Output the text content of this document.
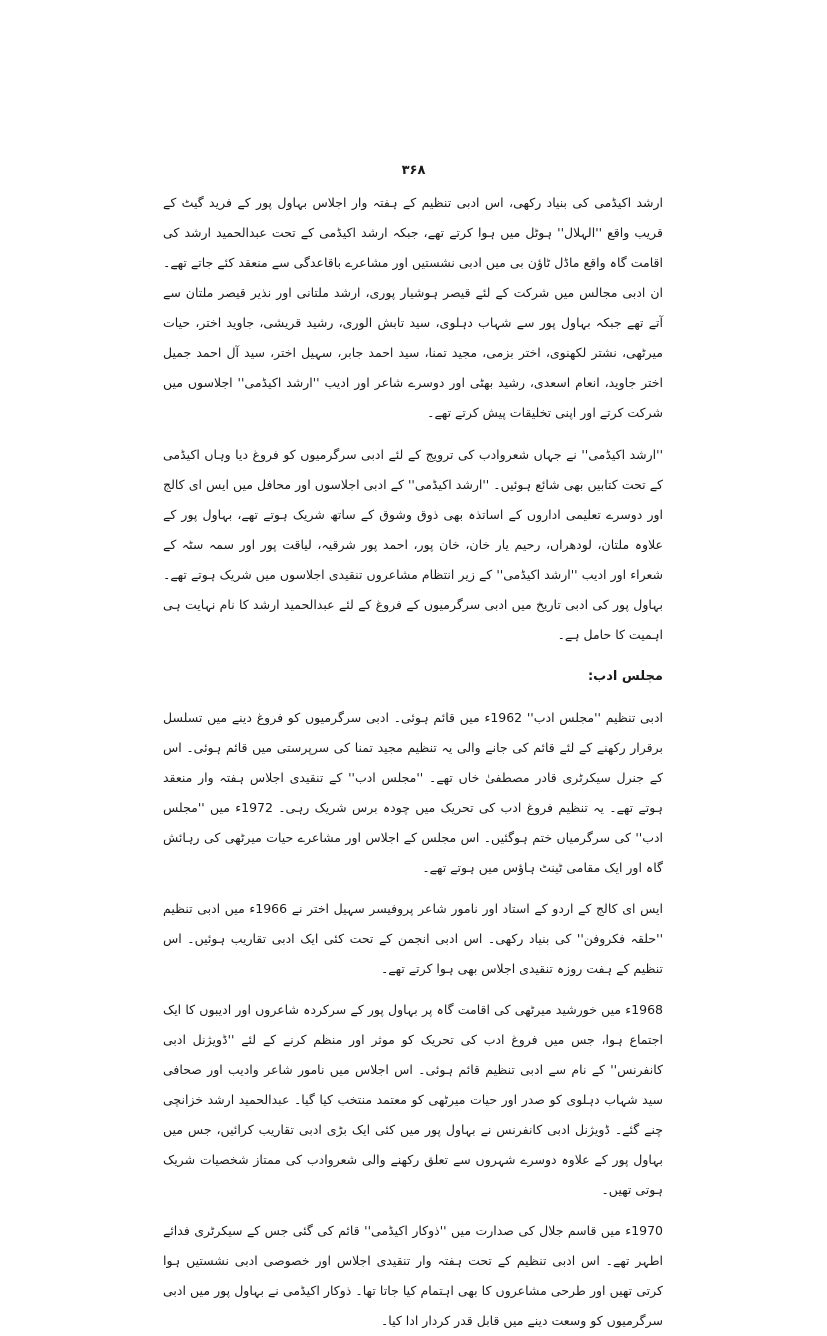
۳۶۸

ارشد اکیڈمی کی بنیاد رکھی، اس ادبی تنظیم کے ہفتہ وار اجلاس بہاول پور کے فرید گیٹ کے قریب واقع ''الہلال'' ہوٹل میں ہوا کرتے تھے، جبکہ ارشد اکیڈمی کے تحت عبدالحمید ارشد کی اقامت گاہ واقع ماڈل ٹاؤن بی میں ادبی نشستیں اور مشاعرے باقاعدگی سے منعقد کئے جاتے تھے۔ ان ادبی مجالس میں شرکت کے لئے قیصر ہوشیار پوری، ارشد ملتانی اور نذیر قیصر ملتان سے آتے تھے جبکہ بہاول پور سے شہاب دہلوی، سید تابش الوری، رشید قریشی، جاوید اختر، حیات میرٹھی، نشتر لکھنوی، اختر بزمی، مجید تمنا، سید احمد جابر، سہیل اختر، سید آل احمد جمیل اختر جاوید، انعام اسعدی، رشید بھٹی اور دوسرے شاعر اور ادیب ''ارشد اکیڈمی'' اجلاسوں میں شرکت کرتے اور اپنی تخلیقات پیش کرتے تھے۔

''ارشد اکیڈمی'' نے جہاں شعروادب کی ترویج کے لئے ادبی سرگرمیوں کو فروغ دیا وہاں اکیڈمی کے تحت کتابیں بھی شائع ہوئیں۔ ''ارشد اکیڈمی'' کے ادبی اجلاسوں اور محافل میں ایس ای کالج اور دوسرے تعلیمی اداروں کے اساتذہ بھی ذوق وشوق کے ساتھ شریک ہوتے تھے، بہاول پور کے علاوہ ملتان، لودھراں، رحیم یار خان، خان پور، احمد پور شرقیہ، لیاقت پور اور سمہ سٹہ کے شعراء اور ادیب ''ارشد اکیڈمی'' کے زیر انتظام مشاعروں تنقیدی اجلاسوں میں شریک ہوتے تھے۔ بہاول پور کی ادبی تاریخ میں ادبی سرگرمیوں کے فروغ کے لئے عبدالحمید ارشد کا نام نہایت ہی اہمیت کا حامل ہے۔

مجلس ادب:

ادبی تنظیم ''مجلس ادب'' 1962ء میں قائم ہوئی۔ ادبی سرگرمیوں کو فروغ دینے میں تسلسل برقرار رکھنے کے لئے قائم کی جانے والی یہ تنظیم مجید تمنا کی سرپرستی میں قائم ہوئی۔ اس کے جنرل سیکرٹری قادر مصطفیٰ خاں تھے۔ ''مجلس ادب'' کے تنقیدی اجلاس ہفتہ وار منعقد ہوتے تھے۔ یہ تنظیم فروغ ادب کی تحریک میں چودہ برس شریک رہی۔ 1972ء میں ''مجلس ادب'' کی سرگرمیاں ختم ہوگئیں۔ اس مجلس کے اجلاس اور مشاعرے حیات میرٹھی کی رہائش گاہ اور ایک مقامی ٹینٹ ہاؤس میں ہوتے تھے۔

ایس ای کالج کے اردو کے استاد اور نامور شاعر پروفیسر سہیل اختر نے 1966ء میں ادبی تنظیم ''حلقہ فکروفن'' کی بنیاد رکھی۔ اس ادبی انجمن کے تحت کئی ایک ادبی تقاریب ہوئیں۔ اس تنظیم کے ہفت روزہ تنقیدی اجلاس بھی ہوا کرتے تھے۔

1968ء میں خورشید میرٹھی کی اقامت گاہ پر بہاول پور کے سرکردہ شاعروں اور ادیبوں کا ایک اجتماع ہوا، جس میں فروغ ادب کی تحریک کو موثر اور منظم کرنے کے لئے ''ڈویژنل ادبی کانفرنس'' کے نام سے ادبی تنظیم قائم ہوئی۔ اس اجلاس میں نامور شاعر وادیب اور صحافی سید شہاب دہلوی کو صدر اور حیات میرٹھی کو معتمد منتخب کیا گیا۔ عبدالحمید ارشد خزانچی چنے گئے۔ ڈویژنل ادبی کانفرنس نے بہاول پور میں کئی ایک بڑی ادبی تقاریب کرائیں، جس میں بہاول پور کے علاوہ دوسرے شہروں سے تعلق رکھنے والی شعروادب کی ممتاز شخصیات شریک ہوتی تھیں۔

1970ء میں قاسم جلال کی صدارت میں ''ذوکار اکیڈمی'' قائم کی گئی جس کے سیکرٹری فدائے اطہر تھے۔ اس ادبی تنظیم کے تحت ہفتہ وار تنقیدی اجلاس اور خصوصی ادبی نشستیں ہوا کرتی تھیں اور طرحی مشاعروں کا بھی اہتمام کیا جاتا تھا۔ ذوکار اکیڈمی نے بہاول پور میں ادبی سرگرمیوں کو وسعت دینے میں قابل قدر کردار ادا کیا۔
